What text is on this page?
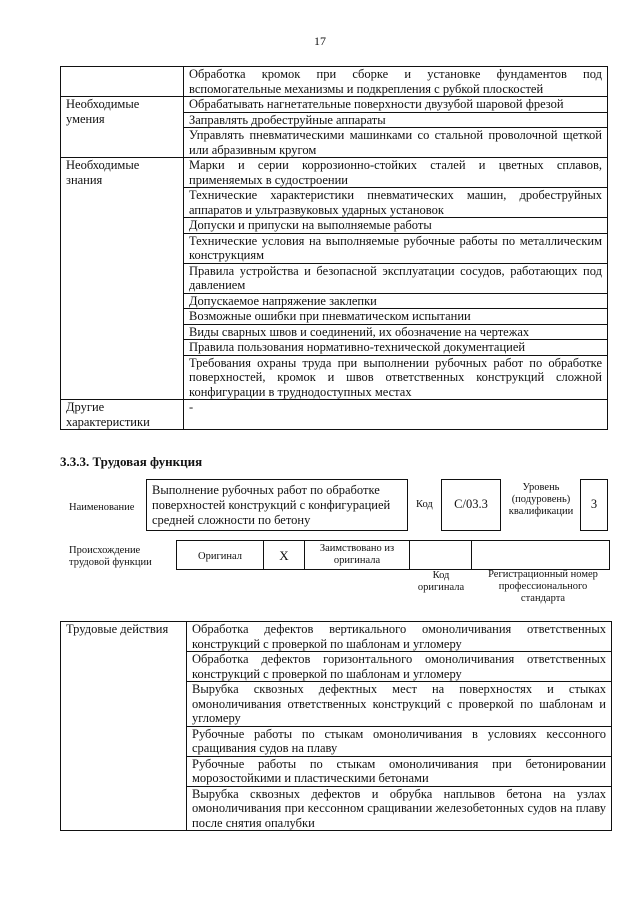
17
	Обработка кромок при сборке и установке фундаментов под вспомогательные механизмы и подкрепления с рубкой плоскостей
Необходимые умения	Обрабатывать нагнетательные поверхности двузубой шаровой фрезой
	Заправлять дробеструйные аппараты
	Управлять пневматическими машинками со стальной проволочной щеткой или абразивным кругом
Необходимые знания	Марки и серии коррозионно-стойких сталей и цветных сплавов, применяемых в судостроении
	Технические характеристики пневматических машин, дробеструйных аппаратов и ультразвуковых ударных установок
	Допуски и припуски на выполняемые работы
	Технические условия на выполняемые рубочные работы по металлическим конструкциям
	Правила устройства и безопасной эксплуатации сосудов, работающих под давлением
	Допускаемое напряжение заклепки
	Возможные ошибки при пневматическом испытании
	Виды сварных швов и соединений, их обозначение на чертежах
	Правила пользования нормативно-технической документацией
	Требования охраны труда при выполнении рубочных работ по обработке поверхностей, кромок и швов ответственных конструкций сложной конфигурации в труднодоступных местах
Другие характеристики	-
3.3.3. Трудовая функция
Наименование
Выполнение рубочных работ по обработке поверхностей конструкций с конфигурацией средней сложности по бетону
Код	C/03.3
Уровень (подуровень) квалификации
3
Происхождение трудовой функции
Оригинал	X	Заимствовано из оригинала
Код оригинала
Регистрационный номер профессионального стандарта
Трудовые действия	Обработка дефектов вертикального омоноличивания ответственных конструкций с проверкой по шаблонам и угломеру
Обработка дефектов горизонтального омоноличивания ответственных конструкций с проверкой по шаблонам и угломеру
Вырубка сквозных дефектных мест на поверхностях и стыках омоноличивания ответственных конструкций с проверкой по шаблонам и угломеру
Рубочные работы по стыкам омоноличивания в условиях кессонного сращивания судов на плаву
Рубочные работы по стыкам омоноличивания при бетонировании морозостойкими и пластическими бетонами
Вырубка сквозных дефектов и обрубка наплывов бетона на узлах омоноличивания при кессонном сращивании железобетонных судов на плаву после снятия опалубки
